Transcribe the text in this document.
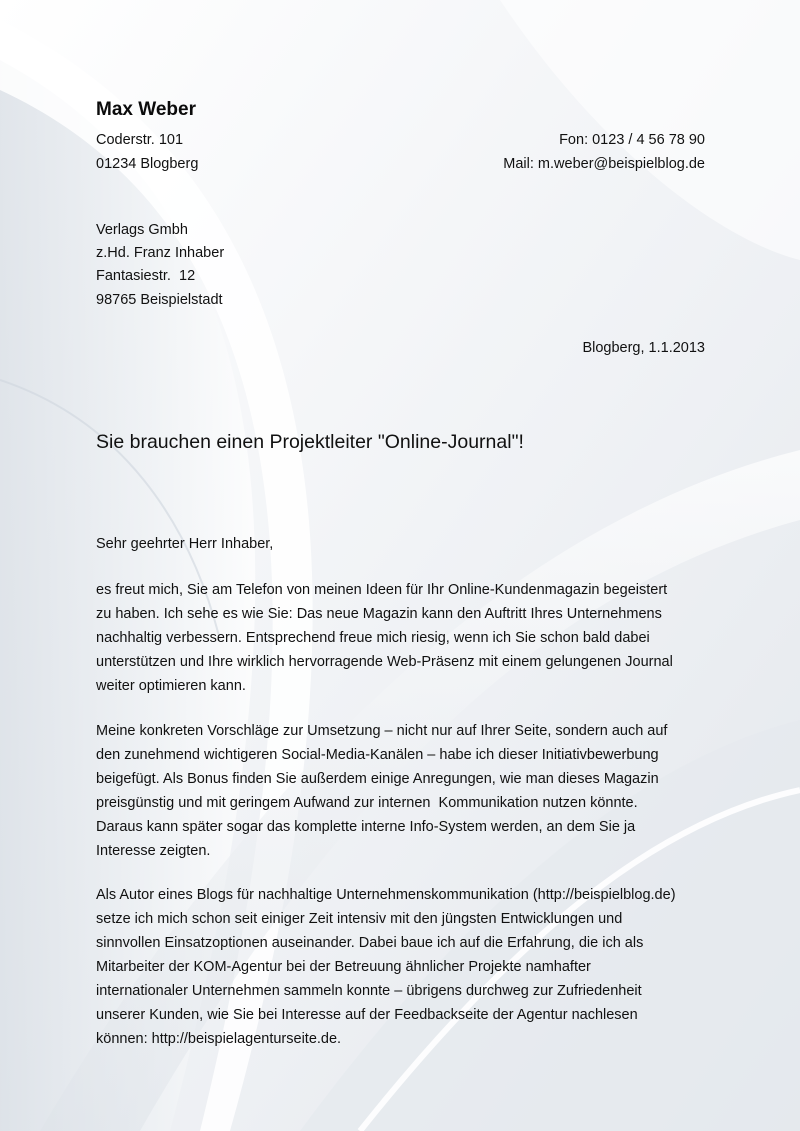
Max Weber
Coderstr. 101
01234 Blogberg
Fon: 0123 / 4 56 78 90
Mail: m.weber@beispielblog.de
Verlags Gmbh
z.Hd. Franz Inhaber
Fantasiestr.  12
98765 Beispielstadt
Blogberg, 1.1.2013
Sie brauchen einen Projektleiter "Online-Journal"!

Sehr geehrter Herr Inhaber,

es freut mich, Sie am Telefon von meinen Ideen für Ihr Online-Kundenmagazin begeistert
zu haben. Ich sehe es wie Sie: Das neue Magazin kann den Auftritt Ihres Unternehmens
nachhaltig verbessern. Entsprechend freue mich riesig, wenn ich Sie schon bald dabei
unterstützen und Ihre wirklich hervorragende Web-Präsenz mit einem gelungenen Journal
weiter optimieren kann.
Meine konkreten Vorschläge zur Umsetzung – nicht nur auf Ihrer Seite, sondern auch auf
den zunehmend wichtigeren Social-Media-Kanälen – habe ich dieser Initiativbewerbung
beigefügt. Als Bonus finden Sie außerdem einige Anregungen, wie man dieses Magazin
preisgünstig und mit geringem Aufwand zur internen  Kommunikation nutzen könnte.
Daraus kann später sogar das komplette interne Info-System werden, an dem Sie ja
Interesse zeigten.
Als Autor eines Blogs für nachhaltige Unternehmenskommunikation (http://beispielblog.de)
setze ich mich schon seit einiger Zeit intensiv mit den jüngsten Entwicklungen und
sinnvollen Einsatzoptionen auseinander. Dabei baue ich auf die Erfahrung, die ich als
Mitarbeiter der KOM-Agentur bei der Betreuung ähnlicher Projekte namhafter
internationaler Unternehmen sammeln konnte – übrigens durchweg zur Zufriedenheit
unserer Kunden, wie Sie bei Interesse auf der Feedbackseite der Agentur nachlesen
können: http://beispielagenturseite.de.
